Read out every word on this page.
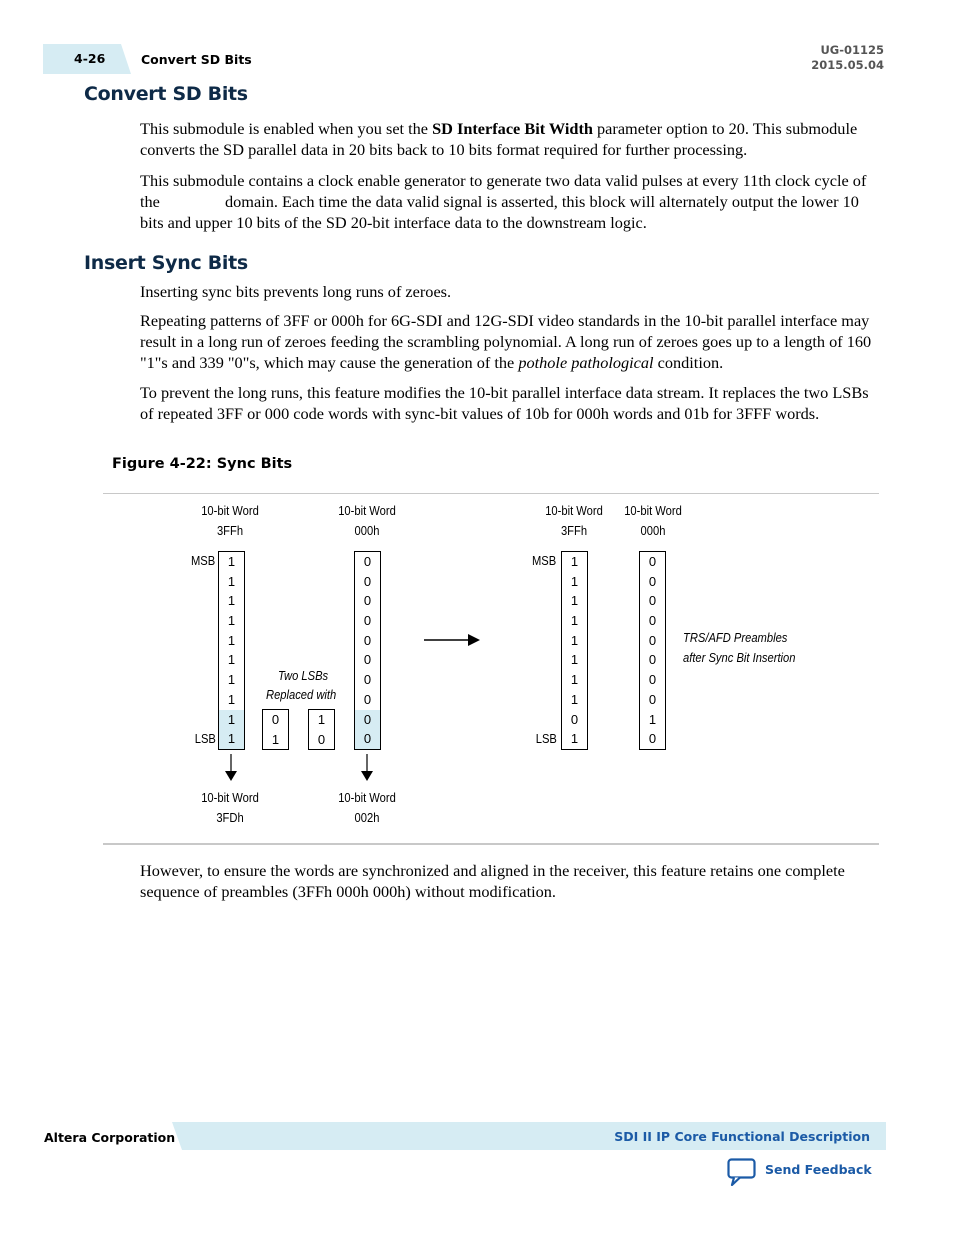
4-26	Convert SD Bits
UG-01125
2015.05.04
Convert SD Bits

This submodule is enabled when you set the SD Interface Bit Width parameter option to 20. This submodule converts the SD parallel data in 20 bits back to 10 bits format required for further processing.

This submodule contains a clock enable generator to generate two data valid pulses at every 11th clock cycle of the                domain. Each time the data valid signal is asserted, this block will alternately output the lower 10 bits and upper 10 bits of the SD 20-bit interface data to the downstream logic.

Insert Sync Bits

Inserting sync bits prevents long runs of zeroes.

Repeating patterns of 3FF or 000h for 6G-SDI and 12G-SDI video standards in the 10-bit parallel interface may result in a long run of zeroes feeding the scrambling polynomial. A long run of zeroes goes up to a length of 160 "1"s and 339 "0"s, which may cause the generation of the pothole pathological condition.

To prevent the long runs, this feature modifies the 10-bit parallel interface data stream. It replaces the two LSBs of repeated 3FF or 000 code words with sync-bit values of 10b for 000h words and 01b for 3FFF words.

Figure 4-22: Sync Bits
10-bit Word
3FFh
10-bit Word
000h
10-bit Word
3FFh
10-bit Word
000h
MSB
LSB
MSB
LSB
1
1
1
1
1
1
1
1
1
1
0
0
0
0
0
0
0
0
0
0
0
1
1
0
1
1
1
1
1
1
1
1
0
1
0
0
0
0
0
0
0
0
1
0
Two LSBs
Replaced with
TRS/AFD Preambles
after Sync Bit Insertion
10-bit Word
3FDh
10-bit Word
002h

However, to ensure the words are synchronized and aligned in the receiver, this feature retains one complete sequence of preambles (3FFh 000h 000h) without modification.

Altera Corporation	SDI II IP Core Functional Description
Send Feedback
